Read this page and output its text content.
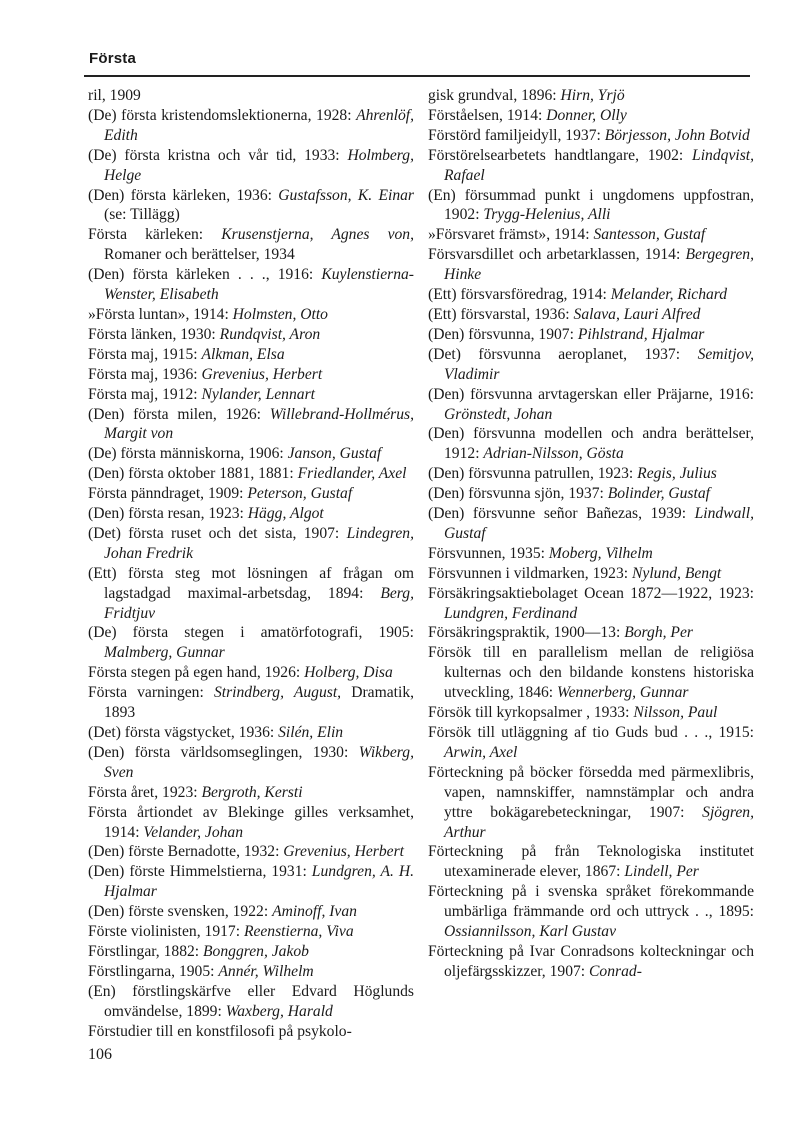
Första

ril, 1909

(De) första kristendomslektionerna, 1928: Ahrenlöf, Edith

(De) första kristna och vår tid, 1933: Holmberg, Helge

(Den) första kärleken, 1936: Gustafsson, K. Einar (se: Tillägg)

Första kärleken: Krusenstjerna, Agnes von, Romaner och berättelser, 1934

(Den) första kärleken . . ., 1916: Kuylenstierna-Wenster, Elisabeth

»Första luntan», 1914: Holmsten, Otto

Första länken, 1930: Rundqvist, Aron

Första maj, 1915: Alkman, Elsa

Första maj, 1936: Grevenius, Herbert

Första maj, 1912: Nylander, Lennart

(Den) första milen, 1926: Willebrand-Hollmérus, Margit von

(De) första människorna, 1906: Janson, Gustaf

(Den) första oktober 1881, 1881: Friedlander, Axel

Första pänndraget, 1909: Peterson, Gustaf

(Den) första resan, 1923: Hägg, Algot

(Det) första ruset och det sista, 1907: Lindegren, Johan Fredrik

(Ett) första steg mot lösningen af frågan om lagstadgad maximal-arbetsdag, 1894: Berg, Fridtjuv

(De) första stegen i amatörfotografi, 1905: Malmberg, Gunnar

Första stegen på egen hand, 1926: Holberg, Disa

Första varningen: Strindberg, August, Dramatik, 1893

(Det) första vägstycket, 1936: Silén, Elin

(Den) första världsomseglingen, 1930: Wikberg, Sven

Första året, 1923: Bergroth, Kersti

Första årtiondet av Blekinge gilles verksamhet, 1914: Velander, Johan

(Den) förste Bernadotte, 1932: Grevenius, Herbert

(Den) förste Himmelstierna, 1931: Lundgren, A. H. Hjalmar

(Den) förste svensken, 1922: Aminoff, Ivan

Förste violinisten, 1917: Reenstierna, Viva

Förstlingar, 1882: Bonggren, Jakob

Förstlingarna, 1905: Annér, Wilhelm

(En) förstlingskärfve eller Edvard Höglunds omvändelse, 1899: Waxberg, Harald

Förstudier till en konstfilosofi på psykolo-

gisk grundval, 1896: Hirn, Yrjö

Förståelsen, 1914: Donner, Olly

Förstörd familjeidyll, 1937: Börjesson, John Botvid

Förstörelsearbetets handtlangare, 1902: Lindqvist, Rafael

(En) försummad punkt i ungdomens uppfostran, 1902: Trygg-Helenius, Alli

»Försvaret främst», 1914: Santesson, Gustaf

Försvarsdillet och arbetarklassen, 1914: Bergegren, Hinke

(Ett) försvarsföredrag, 1914: Melander, Richard

(Ett) försvarstal, 1936: Salava, Lauri Alfred

(Den) försvunna, 1907: Pihlstrand, Hjalmar

(Det) försvunna aeroplanet, 1937: Semitjov, Vladimir

(Den) försvunna arvtagerskan eller Präjarne, 1916: Grönstedt, Johan

(Den) försvunna modellen och andra berättelser, 1912: Adrian-Nilsson, Gösta

(Den) försvunna patrullen, 1923: Regis, Julius

(Den) försvunna sjön, 1937: Bolinder, Gustaf

(Den) försvunne señor Bañezas, 1939: Lindwall, Gustaf

Försvunnen, 1935: Moberg, Vilhelm

Försvunnen i vildmarken, 1923: Nylund, Bengt

Försäkringsaktiebolaget Ocean 1872—1922, 1923: Lundgren, Ferdinand

Försäkringspraktik, 1900—13: Borgh, Per

Försök till en parallelism mellan de religiösa kulternas och den bildande konstens historiska utveckling, 1846: Wennerberg, Gunnar

Försök till kyrkopsalmer , 1933: Nilsson, Paul

Försök till utläggning af tio Guds bud . . ., 1915: Arwin, Axel

Förteckning på böcker försedda med pärmexlibris, vapen, namnskiffer, namnstämplar och andra yttre bokägarebeteckningar, 1907: Sjögren, Arthur

Förteckning på från Teknologiska institutet utexaminerade elever, 1867: Lindell, Per

Förteckning på i svenska språket förekommande umbärliga främmande ord och uttryck . ., 1895: Ossiannilsson, Karl Gustav

Förteckning på Ivar Conradsons kolteckningar och oljefärgsskizzer, 1907: Conrad-

106
